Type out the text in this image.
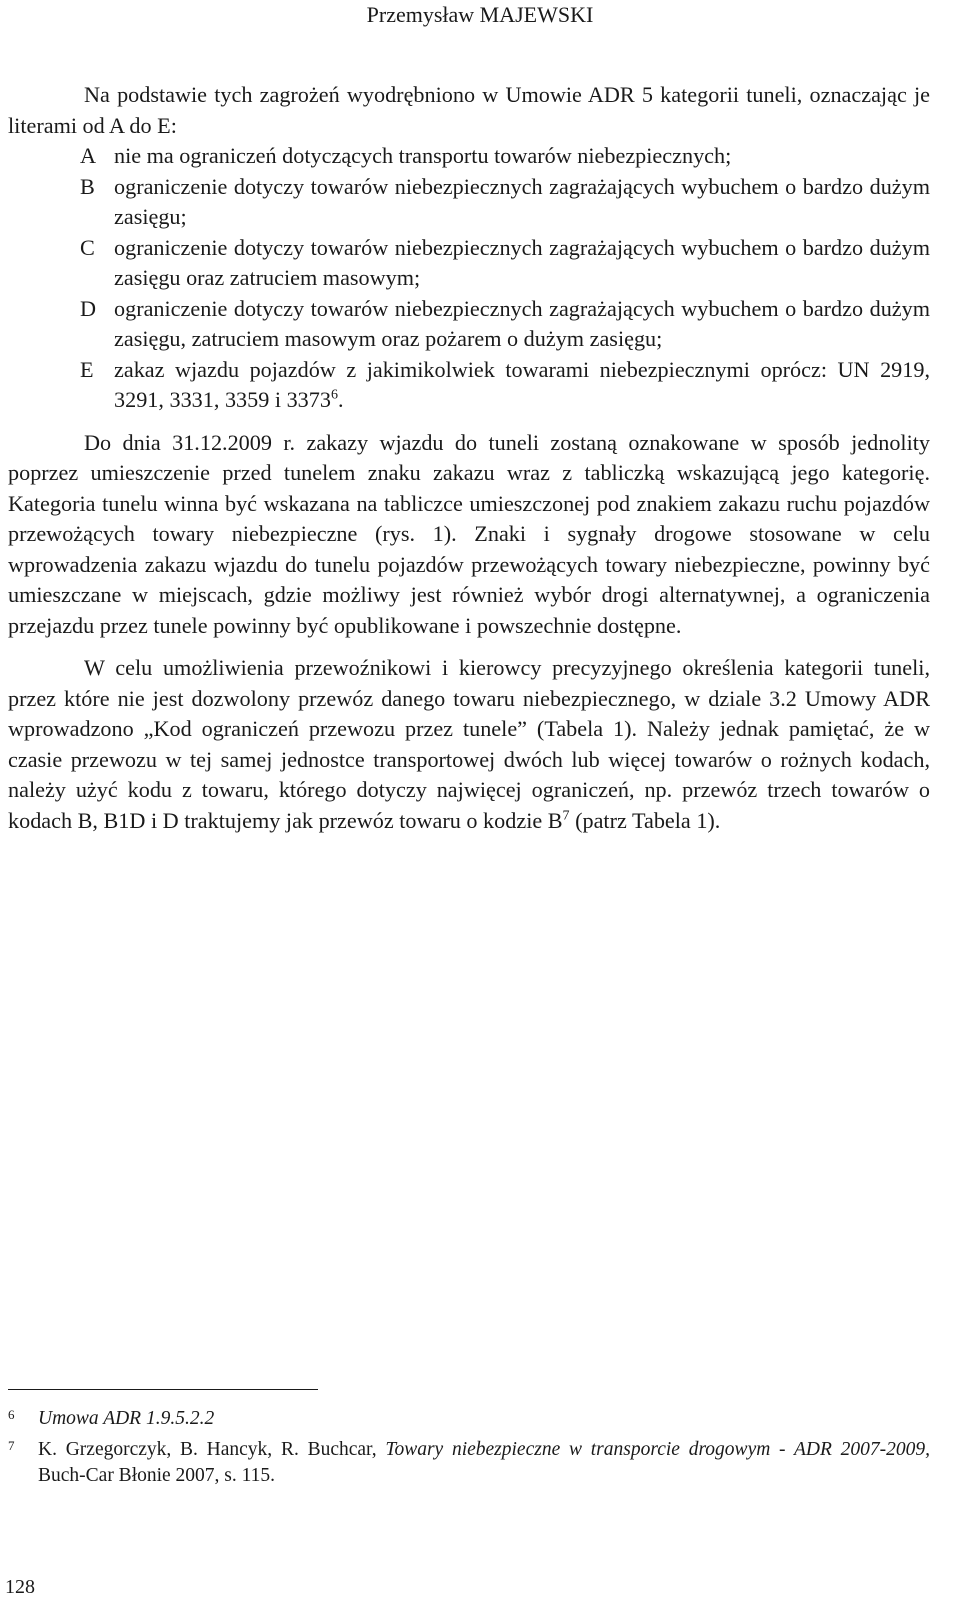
Przemysław MAJEWSKI

Na podstawie tych zagrożeń wyodrębniono w Umowie ADR 5 kategorii tuneli, oznaczając je literami od A do E:

A nie ma ograniczeń dotyczących transportu towarów niebezpiecznych;
B ograniczenie dotyczy towarów niebezpiecznych zagrażających wybuchem o bardzo dużym zasięgu;
C ograniczenie dotyczy towarów niebezpiecznych zagrażających wybuchem o bardzo dużym zasięgu oraz zatruciem masowym;
D ograniczenie dotyczy towarów niebezpiecznych zagrażających wybuchem o bardzo dużym zasięgu, zatruciem masowym oraz pożarem o dużym zasięgu;
E zakaz wjazdu pojazdów z jakimikolwiek towarami niebezpiecznymi oprócz: UN 2919, 3291, 3331, 3359 i 3373$^6$.

Do dnia 31.12.2009 r. zakazy wjazdu do tuneli zostaną oznakowane w sposób jednolity poprzez umieszczenie przed tunelem znaku zakazu wraz z tabliczką wskazującą jego kategorię. Kategoria tunelu winna być wskazana na tabliczce umieszczonej pod znakiem zakazu ruchu pojazdów przewożących towary niebezpieczne (rys. 1). Znaki i sygnały drogowe stosowane w celu wprowadzenia zakazu wjazdu do tunelu pojazdów przewożących towary niebezpieczne, powinny być umieszczane w miejscach, gdzie możliwy jest również wybór drogi alternatywnej, a ograniczenia przejazdu przez tunele powinny być opublikowane i powszechnie dostępne.

W celu umożliwienia przewoźnikowi i kierowcy precyzyjnego określenia kategorii tuneli, przez które nie jest dozwolony przewóz danego towaru niebezpiecznego, w dziale 3.2 Umowy ADR wprowadzono „Kod ograniczeń przewozu przez tunele” (Tabela 1). Należy jednak pamiętać, że w czasie przewozu w tej samej jednostce transportowej dwóch lub więcej towarów o rożnych kodach, należy użyć kodu z towaru, którego dotyczy najwięcej ograniczeń, np. przewóz trzech towarów o kodach B, B1D i D traktujemy jak przewóz towaru o kodzie $B^7$ (patrz Tabela 1).

6	Umowa ADR 1.9.5.2.2
7	K. Grzegorczyk, B. Hancyk, R. Buchcar, Towary niebezpieczne w transporcie drogowym - ADR 2007-2009, Buch-Car Błonie 2007, s. 115.
128
